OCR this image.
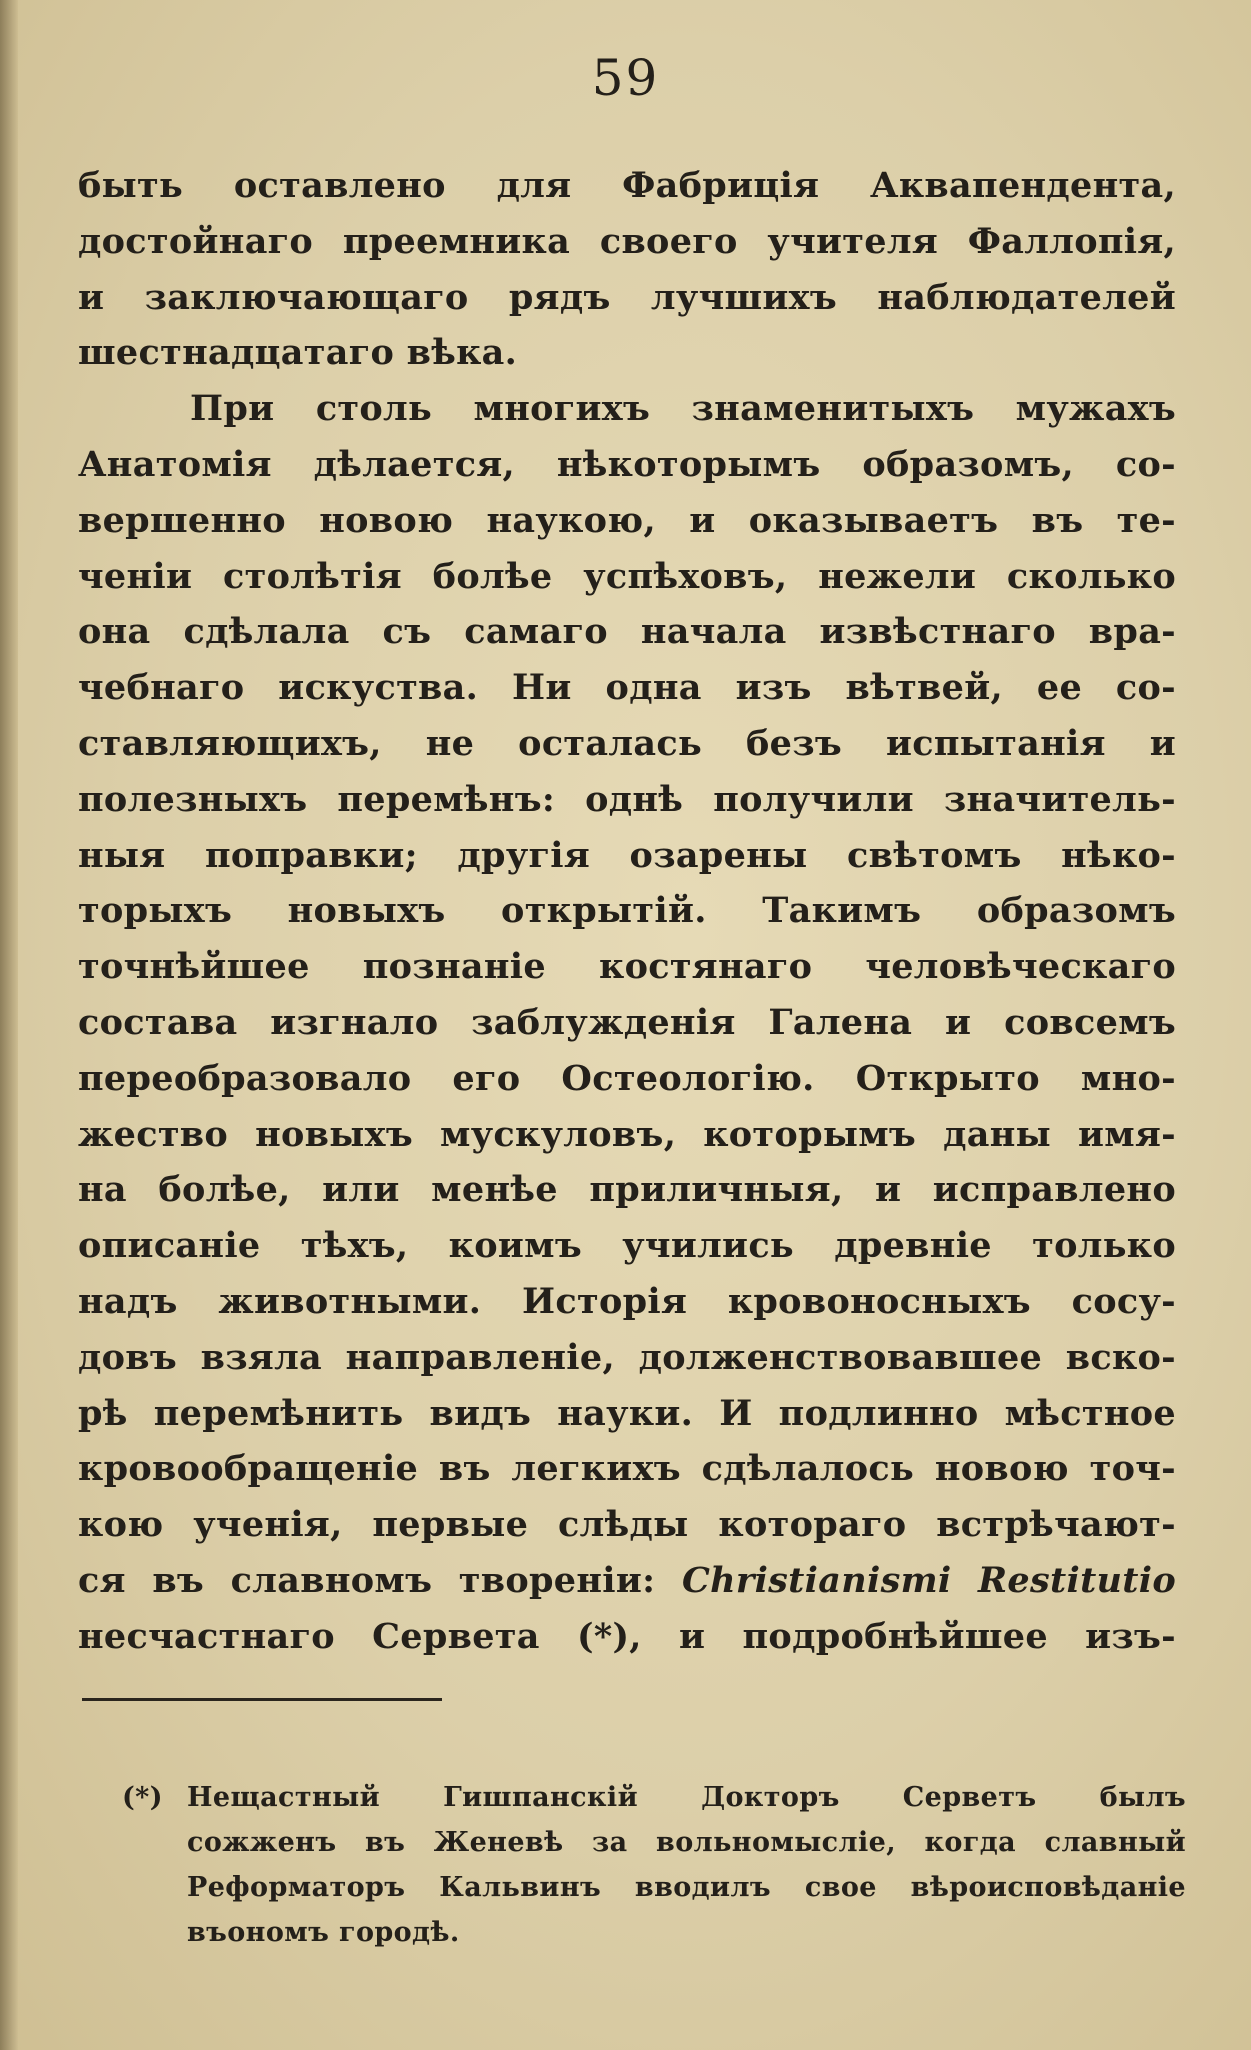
59
быть оставлено для Фабриція Аквапендента,
достойнаго преемника своего учителя Фаллопія,
и заключающаго рядъ лучшихъ наблюдателей
шестнадцатаго вѣка.
При столь многихъ знаменитыхъ мужахъ
Анатомія дѣлается, нѣкоторымъ образомъ, со-
вершенно новою наукою, и оказываетъ въ те-
ченіи столѣтія болѣе успѣховъ, нежели сколько
она сдѣлала съ самаго начала извѣстнаго вра-
чебнаго искуства. Ни одна изъ вѣтвей, ее со-
ставляющихъ, не осталась безъ испытанія и
полезныхъ перемѣнъ: однѣ получили значитель-
ныя поправки; другія озарены свѣтомъ нѣко-
торыхъ новыхъ открытій. Такимъ образомъ
точнѣйшее познаніе костянаго человѣческаго
состава изгнало заблужденія Галена и совсемъ
переобразовало его Остеологію. Открыто мно-
жество новыхъ мускуловъ, которымъ даны имя-
на болѣе, или менѣе приличныя, и исправлено
описаніе тѣхъ, коимъ учились древніе только
надъ животными. Исторія кровоносныхъ сосу-
довъ взяла направленіе, долженствовавшее вско-
рѣ перемѣнить видъ науки. И подлинно мѣстное
кровообращеніе въ легкихъ сдѣлалось новою точ-
кою ученія, первые слѣды котораго встрѣчают-
ся въ славномъ твореніи: Christianismi Restitutio
несчастнаго Сервета (*), и подробнѣйшее изъ-
(*) Нещастный Гишпанскій Докторъ Серветъ былъ
сожженъ въ Женевѣ за вольномысліе, когда славный
Реформаторъ Кальвинъ вводилъ свое вѣроисповѣданіе
въономъ городѣ.
